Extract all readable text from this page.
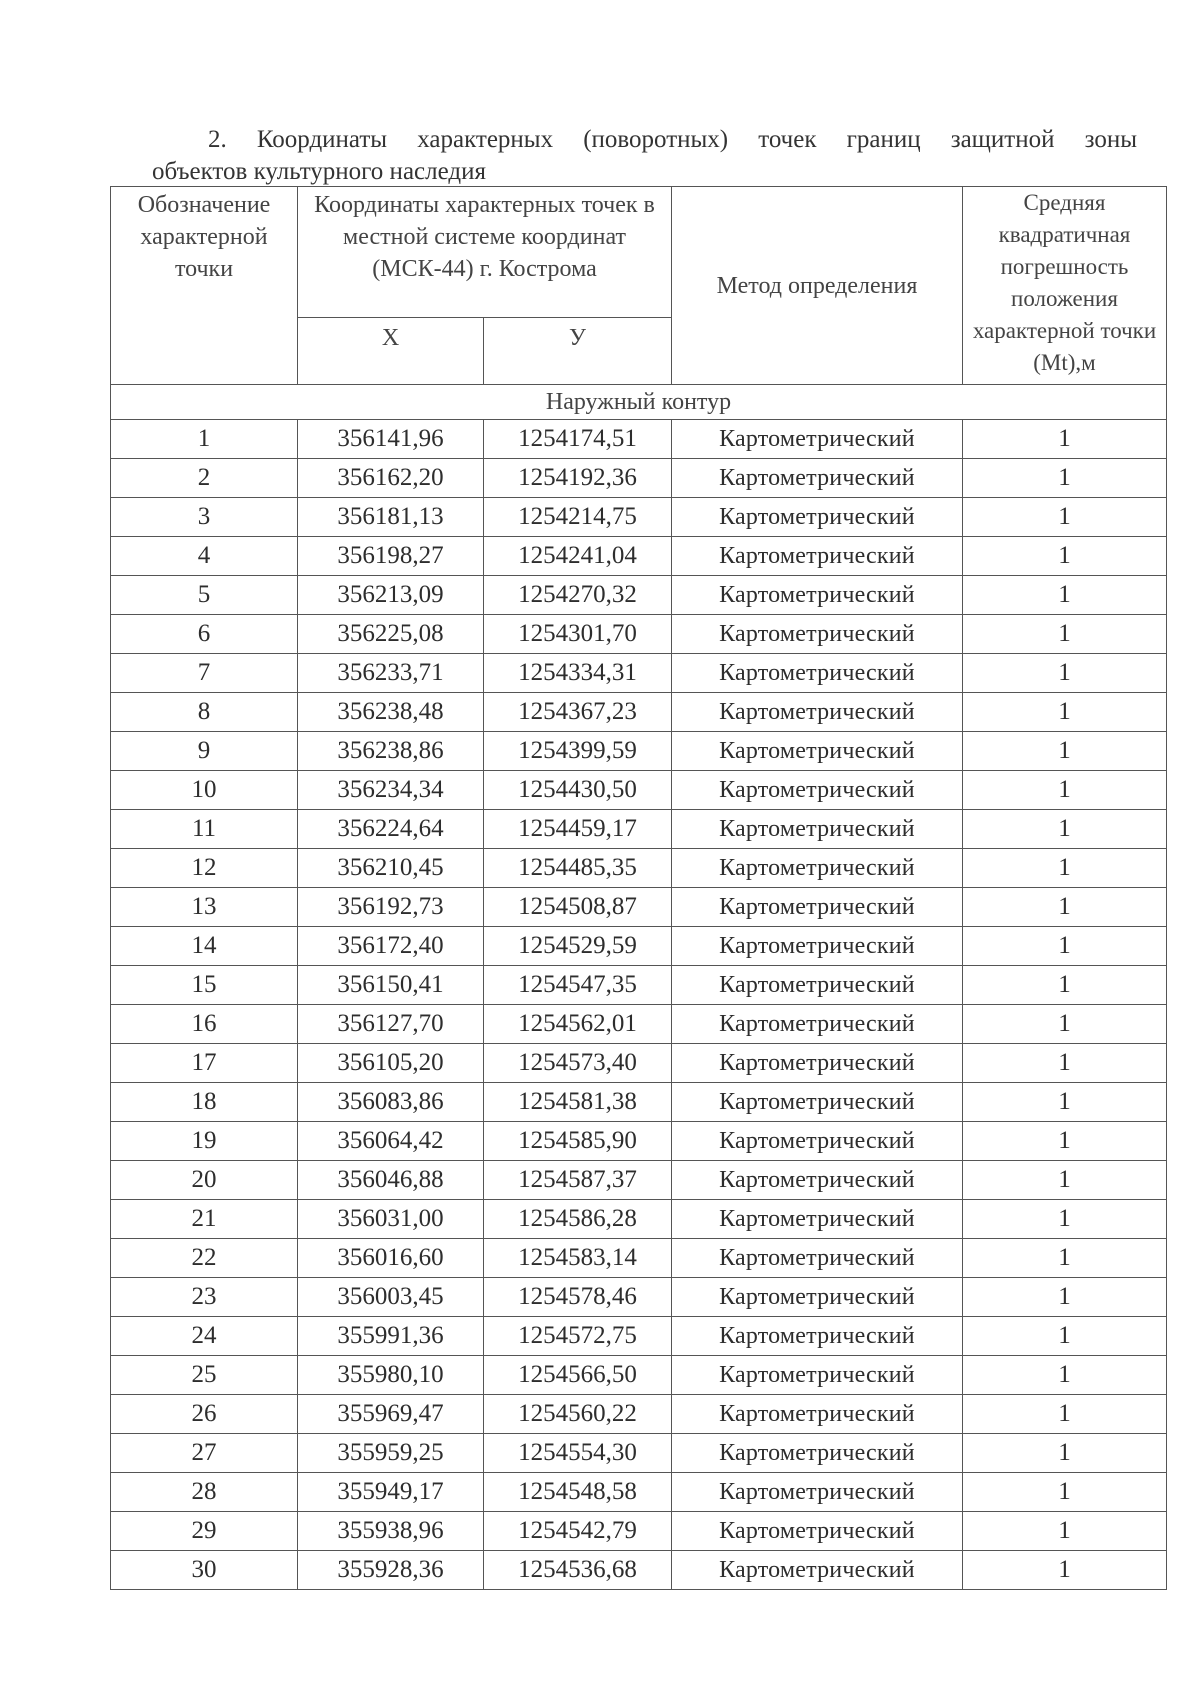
2. Координаты характерных (поворотных) точек границ защитной зоны
объектов культурного наследия
Обозначение характерной точки	Координаты характерных точек в местной системе координат (МСК-44) г. Кострома		Метод определения	Средняя квадратичная погрешность положения характерной точки (Mt),м
	Х	У		
Наружный контур				
1	356141,96	1254174,51	Картометрический	1
2	356162,20	1254192,36	Картометрический	1
3	356181,13	1254214,75	Картометрический	1
4	356198,27	1254241,04	Картометрический	1
5	356213,09	1254270,32	Картометрический	1
6	356225,08	1254301,70	Картометрический	1
7	356233,71	1254334,31	Картометрический	1
8	356238,48	1254367,23	Картометрический	1
9	356238,86	1254399,59	Картометрический	1
10	356234,34	1254430,50	Картометрический	1
11	356224,64	1254459,17	Картометрический	1
12	356210,45	1254485,35	Картометрический	1
13	356192,73	1254508,87	Картометрический	1
14	356172,40	1254529,59	Картометрический	1
15	356150,41	1254547,35	Картометрический	1
16	356127,70	1254562,01	Картометрический	1
17	356105,20	1254573,40	Картометрический	1
18	356083,86	1254581,38	Картометрический	1
19	356064,42	1254585,90	Картометрический	1
20	356046,88	1254587,37	Картометрический	1
21	356031,00	1254586,28	Картометрический	1
22	356016,60	1254583,14	Картометрический	1
23	356003,45	1254578,46	Картометрический	1
24	355991,36	1254572,75	Картометрический	1
25	355980,10	1254566,50	Картометрический	1
26	355969,47	1254560,22	Картометрический	1
27	355959,25	1254554,30	Картометрический	1
28	355949,17	1254548,58	Картометрический	1
29	355938,96	1254542,79	Картометрический	1
30	355928,36	1254536,68	Картометрический	1
